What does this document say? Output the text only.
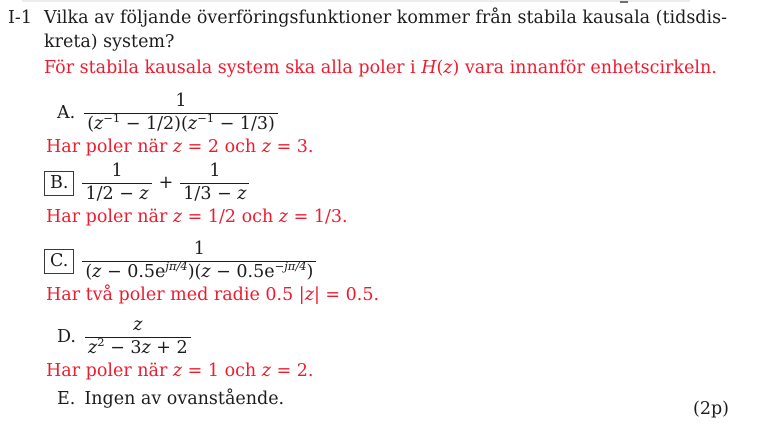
I-1 Vilka av följande överföringsfunktioner kommer från stabila kausala (tidsdis-
kreta) system?
För stabila kausala system ska alla poler i H(z) vara innanför enhetscirkeln.
A. $\frac{1}{(z^{-1} - 1/2)(z^{-1} - 1/3)}$
Har poler när z = 2 och z = 3.
B. $\frac{1}{1/2 - z} + \frac{1}{1/3 - z}$
Har poler när z = 1/2 och z = 1/3.
C. $\frac{1}{(z - 0.5e^{j\pi/4})(z - 0.5e^{-j\pi/4})}$
Har två poler med radie 0.5 |z| = 0.5.
D. $\frac{z}{z^2 - 3z + 2}$
Har poler när z = 1 och z = 2.
E. Ingen av ovanstående.	(2p)
